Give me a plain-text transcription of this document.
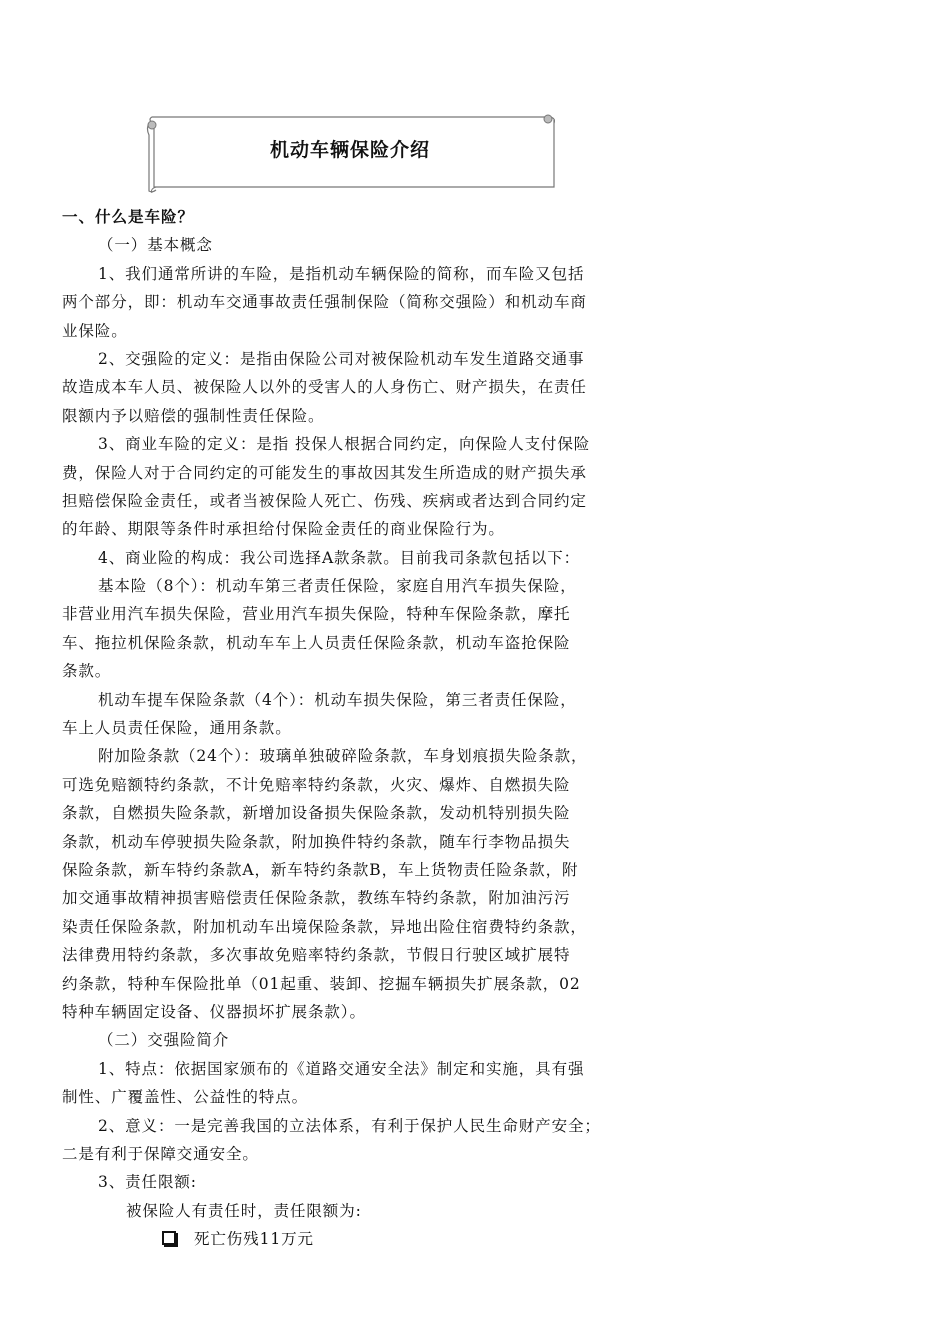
机动车辆保险介绍
一、什么是车险？
（一）基本概念
1、我们通常所讲的车险，是指机动车辆保险的简称，而车险又包括
两个部分，即：机动车交通事故责任强制保险（简称交强险）和机动车商
业保险。
2、交强险的定义：是指由保险公司对被保险机动车发生道路交通事
故造成本车人员、被保险人以外的受害人的人身伤亡、财产损失，在责任
限额内予以赔偿的强制性责任保险。
3、商业车险的定义：是指 投保人根据合同约定，向保险人支付保险
费，保险人对于合同约定的可能发生的事故因其发生所造成的财产损失承
担赔偿保险金责任，或者当被保险人死亡、伤残、疾病或者达到合同约定
的年龄、期限等条件时承担给付保险金责任的商业保险行为。
4、商业险的构成：我公司选择A款条款。目前我司条款包括以下：
基本险（8个）：机动车第三者责任保险，家庭自用汽车损失保险，
非营业用汽车损失保险，营业用汽车损失保险，特种车保险条款，摩托
车、拖拉机保险条款，机动车车上人员责任保险条款，机动车盗抢保险
条款。
机动车提车保险条款（4个）：机动车损失保险，第三者责任保险，
车上人员责任保险，通用条款。
附加险条款（24个）：玻璃单独破碎险条款，车身划痕损失险条款，
可选免赔额特约条款，不计免赔率特约条款，火灾、爆炸、自燃损失险
条款，自燃损失险条款，新增加设备损失保险条款，发动机特别损失险
条款，机动车停驶损失险条款，附加换件特约条款，随车行李物品损失
保险条款，新车特约条款A，新车特约条款B，车上货物责任险条款，附
加交通事故精神损害赔偿责任保险条款，教练车特约条款，附加油污污
染责任保险条款，附加机动车出境保险条款，异地出险住宿费特约条款，
法律费用特约条款，多次事故免赔率特约条款，节假日行驶区域扩展特
约条款，特种车保险批单（01起重、装卸、挖掘车辆损失扩展条款，02
特种车辆固定设备、仪器损坏扩展条款）。
（二）交强险简介
1、特点：依据国家颁布的《道路交通安全法》制定和实施，具有强
制性、广覆盖性、公益性的特点。
2、意义：一是完善我国的立法体系，有利于保护人民生命财产安全；
二是有利于保障交通安全。
3、责任限额:
被保险人有责任时，责任限额为:
死亡伤残11万元
